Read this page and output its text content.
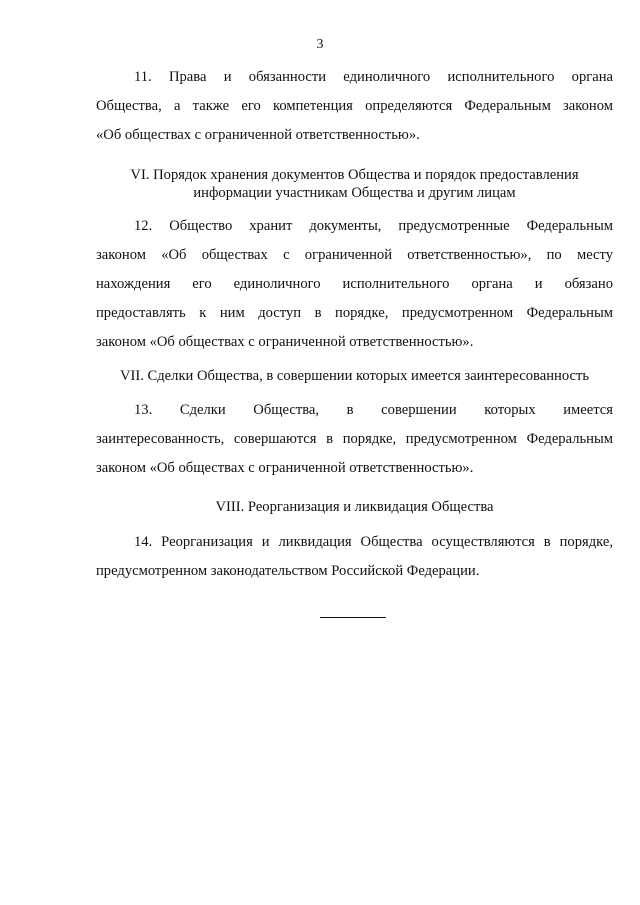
3
11. Права и обязанности единоличного исполнительного органа
Общества, а также его компетенция определяются Федеральным законом
«Об обществах с ограниченной ответственностью».
VI. Порядок хранения документов Общества и порядок предоставления
информации участникам Общества и другим лицам
12. Общество хранит документы, предусмотренные Федеральным
законом «Об обществах с ограниченной ответственностью», по месту
нахождения его единоличного исполнительного органа и обязано
предоставлять к ним доступ в порядке, предусмотренном Федеральным
законом «Об обществах с ограниченной ответственностью».
VII. Сделки Общества, в совершении которых имеется заинтересованность
13. Сделки Общества, в совершении которых имеется
заинтересованность, совершаются в порядке, предусмотренном Федеральным
законом «Об обществах с ограниченной ответственностью».
VIII. Реорганизация и ликвидация Общества
14. Реорганизация и ликвидация Общества осуществляются в порядке,
предусмотренном законодательством Российской Федерации.
